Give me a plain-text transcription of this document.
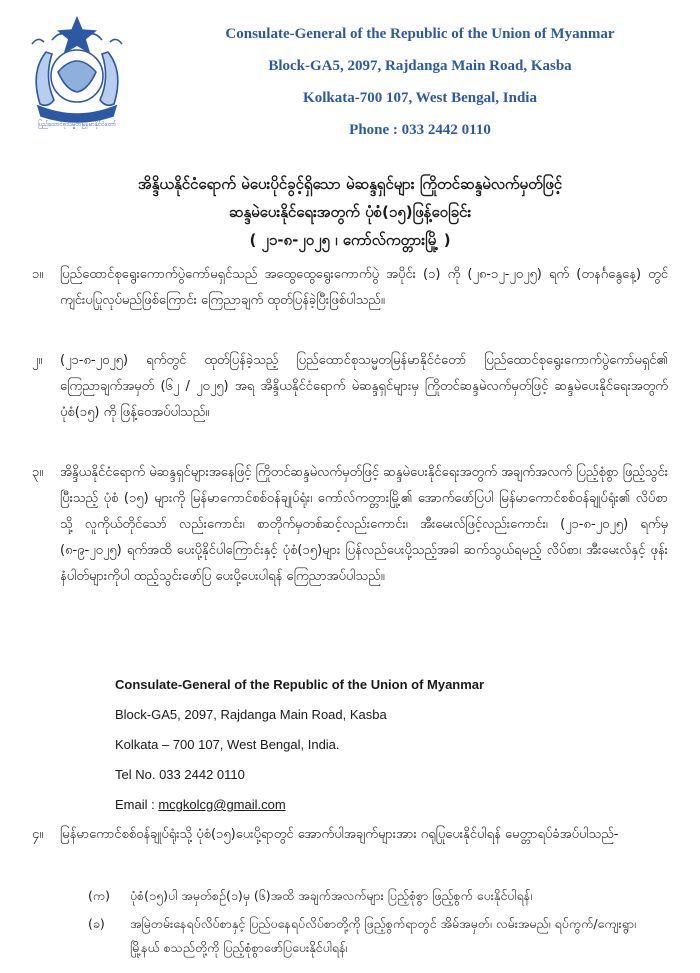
ပြည်ထောင်စုသမ္မတမြန်မာနိုင်ငံတော်
Consulate-General of the Republic of the Union of Myanmar
Block-GA5, 2097, Rajdanga Main Road, Kasba
Kolkata-700 107, West Bengal, India
Phone : 033 2442 0110
အိန္ဒိယနိုင်ငံရောက် မဲပေးပိုင်ခွင့်ရှိသော မဲဆန္ဒရှင်များ ကြိုတင်ဆန္ဒမဲလက်မှတ်ဖြင့်
ဆန္ဒမဲပေးနိုင်ရေးအတွက် ပုံစံ(၁၅)ဖြန့်ဝေခြင်း
( ၂၁-၈-၂၀၂၅ ၊ ကော်လ်ကတ္တားမြို့ )
၁။ ပြည်ထောင်စုရွေးကောက်ပွဲကော်မရှင်သည် အထွေထွေရွေးကောက်ပွဲ အပိုင်း (၁) ကို (၂၈-၁၂-၂၀၂၅) ရက် (တနင်္ဂနွေနေ့) တွင် ကျင်းပပြုလုပ်မည်ဖြစ်ကြောင်း ကြေညာချက် ထုတ်ပြန်ခဲ့ပြီးဖြစ်ပါသည်။
၂။ (၂၁-၈-၂၀၂၅) ရက်တွင် ထုတ်ပြန်ခဲ့သည့် ပြည်ထောင်စုသမ္မတမြန်မာနိုင်ငံတော် ပြည်ထောင်စုရွေးကောက်ပွဲကော်မရှင်၏ ကြေညာချက်အမှတ် (၆၂ / ၂၀၂၅) အရ အိန္ဒိယနိုင်ငံရောက် မဲဆန္ဒရှင်များမှ ကြိုတင်ဆန္ဒမဲလက်မှတ်ဖြင့် ဆန္ဒမဲပေးနိုင်ရေးအတွက် ပုံစံ(၁၅) ကို ဖြန့်ဝေအပ်ပါသည်။
၃။ အိန္ဒိယနိုင်ငံရောက် မဲဆန္ဒရှင်များအနေဖြင့် ကြိုတင်ဆန္ဒမဲလက်မှတ်ဖြင့် ဆန္ဒမဲပေးနိုင်ရေးအတွက် အချက်အလက် ပြည့်စုံစွာ ဖြည့်သွင်းပြီးသည့် ပုံစံ (၁၅) များကို မြန်မာကောင်စစ်ဝန်ချုပ်ရုံး၊ ကော်လ်ကတ္တားမြို့၏ အောက်ဖော်ပြပါ မြန်မာကောင်စစ်ဝန်ချုပ်ရုံး၏ လိပ်စာသို့ လူကိုယ်တိုင်သော် လည်းကောင်း၊ စာတိုက်မှတစ်ဆင့်လည်းကောင်း၊ အီးမေးလ်ဖြင့်လည်းကောင်း၊ (၂၁-၈-၂၀၂၅) ရက်မှ (၈-၉-၂၀၂၅) ရက်အထိ ပေးပို့နိုင်ပါကြောင်းနှင့် ပုံစံ(၁၅)များ ပြန်လည်ပေးပို့သည့်အခါ ဆက်သွယ်ရမည့် လိပ်စာ၊ အီးမေးလ်နှင့် ဖုန်းနံပါတ်များကိုပါ ထည့်သွင်းဖော်ပြ ပေးပို့ပေးပါရန် ကြေညာအပ်ပါသည်။
Consulate-General of the Republic of the Union of Myanmar
Block-GA5, 2097, Rajdanga Main Road, Kasba
Kolkata – 700 107, West Bengal, India.
Tel No. 033 2442 0110
Email : mcgkolcg@gmail.com
၄။ မြန်မာကောင်စစ်ဝန်ချုပ်ရုံးသို့ ပုံစံ(၁၅)ပေးပို့ရာတွင် အောက်ပါအချက်များအား ဂရုပြုပေးနိုင်ပါရန် မေတ္တာရပ်ခံအပ်ပါသည်-
(က) ပုံစံ(၁၅)ပါ အမှတ်စဉ်(၁)မှ (၆)အထိ အချက်အလက်များ ပြည့်စုံစွာ ဖြည့်စွက် ပေးနိုင်ပါရန်၊
(ခ) အမြဲတမ်းနေရပ်လိပ်စာနှင့် ပြည်ပနေရပ်လိပ်စာတို့ကို ဖြည့်စွက်ရာတွင် အိမ်အမှတ်၊ လမ်းအမည်၊ ရပ်ကွက်/ကျေးရွာ၊ မြို့နယ် စသည်တို့ကို ပြည့်စုံစွာဖော်ပြပေးနိုင်ပါရန်၊
